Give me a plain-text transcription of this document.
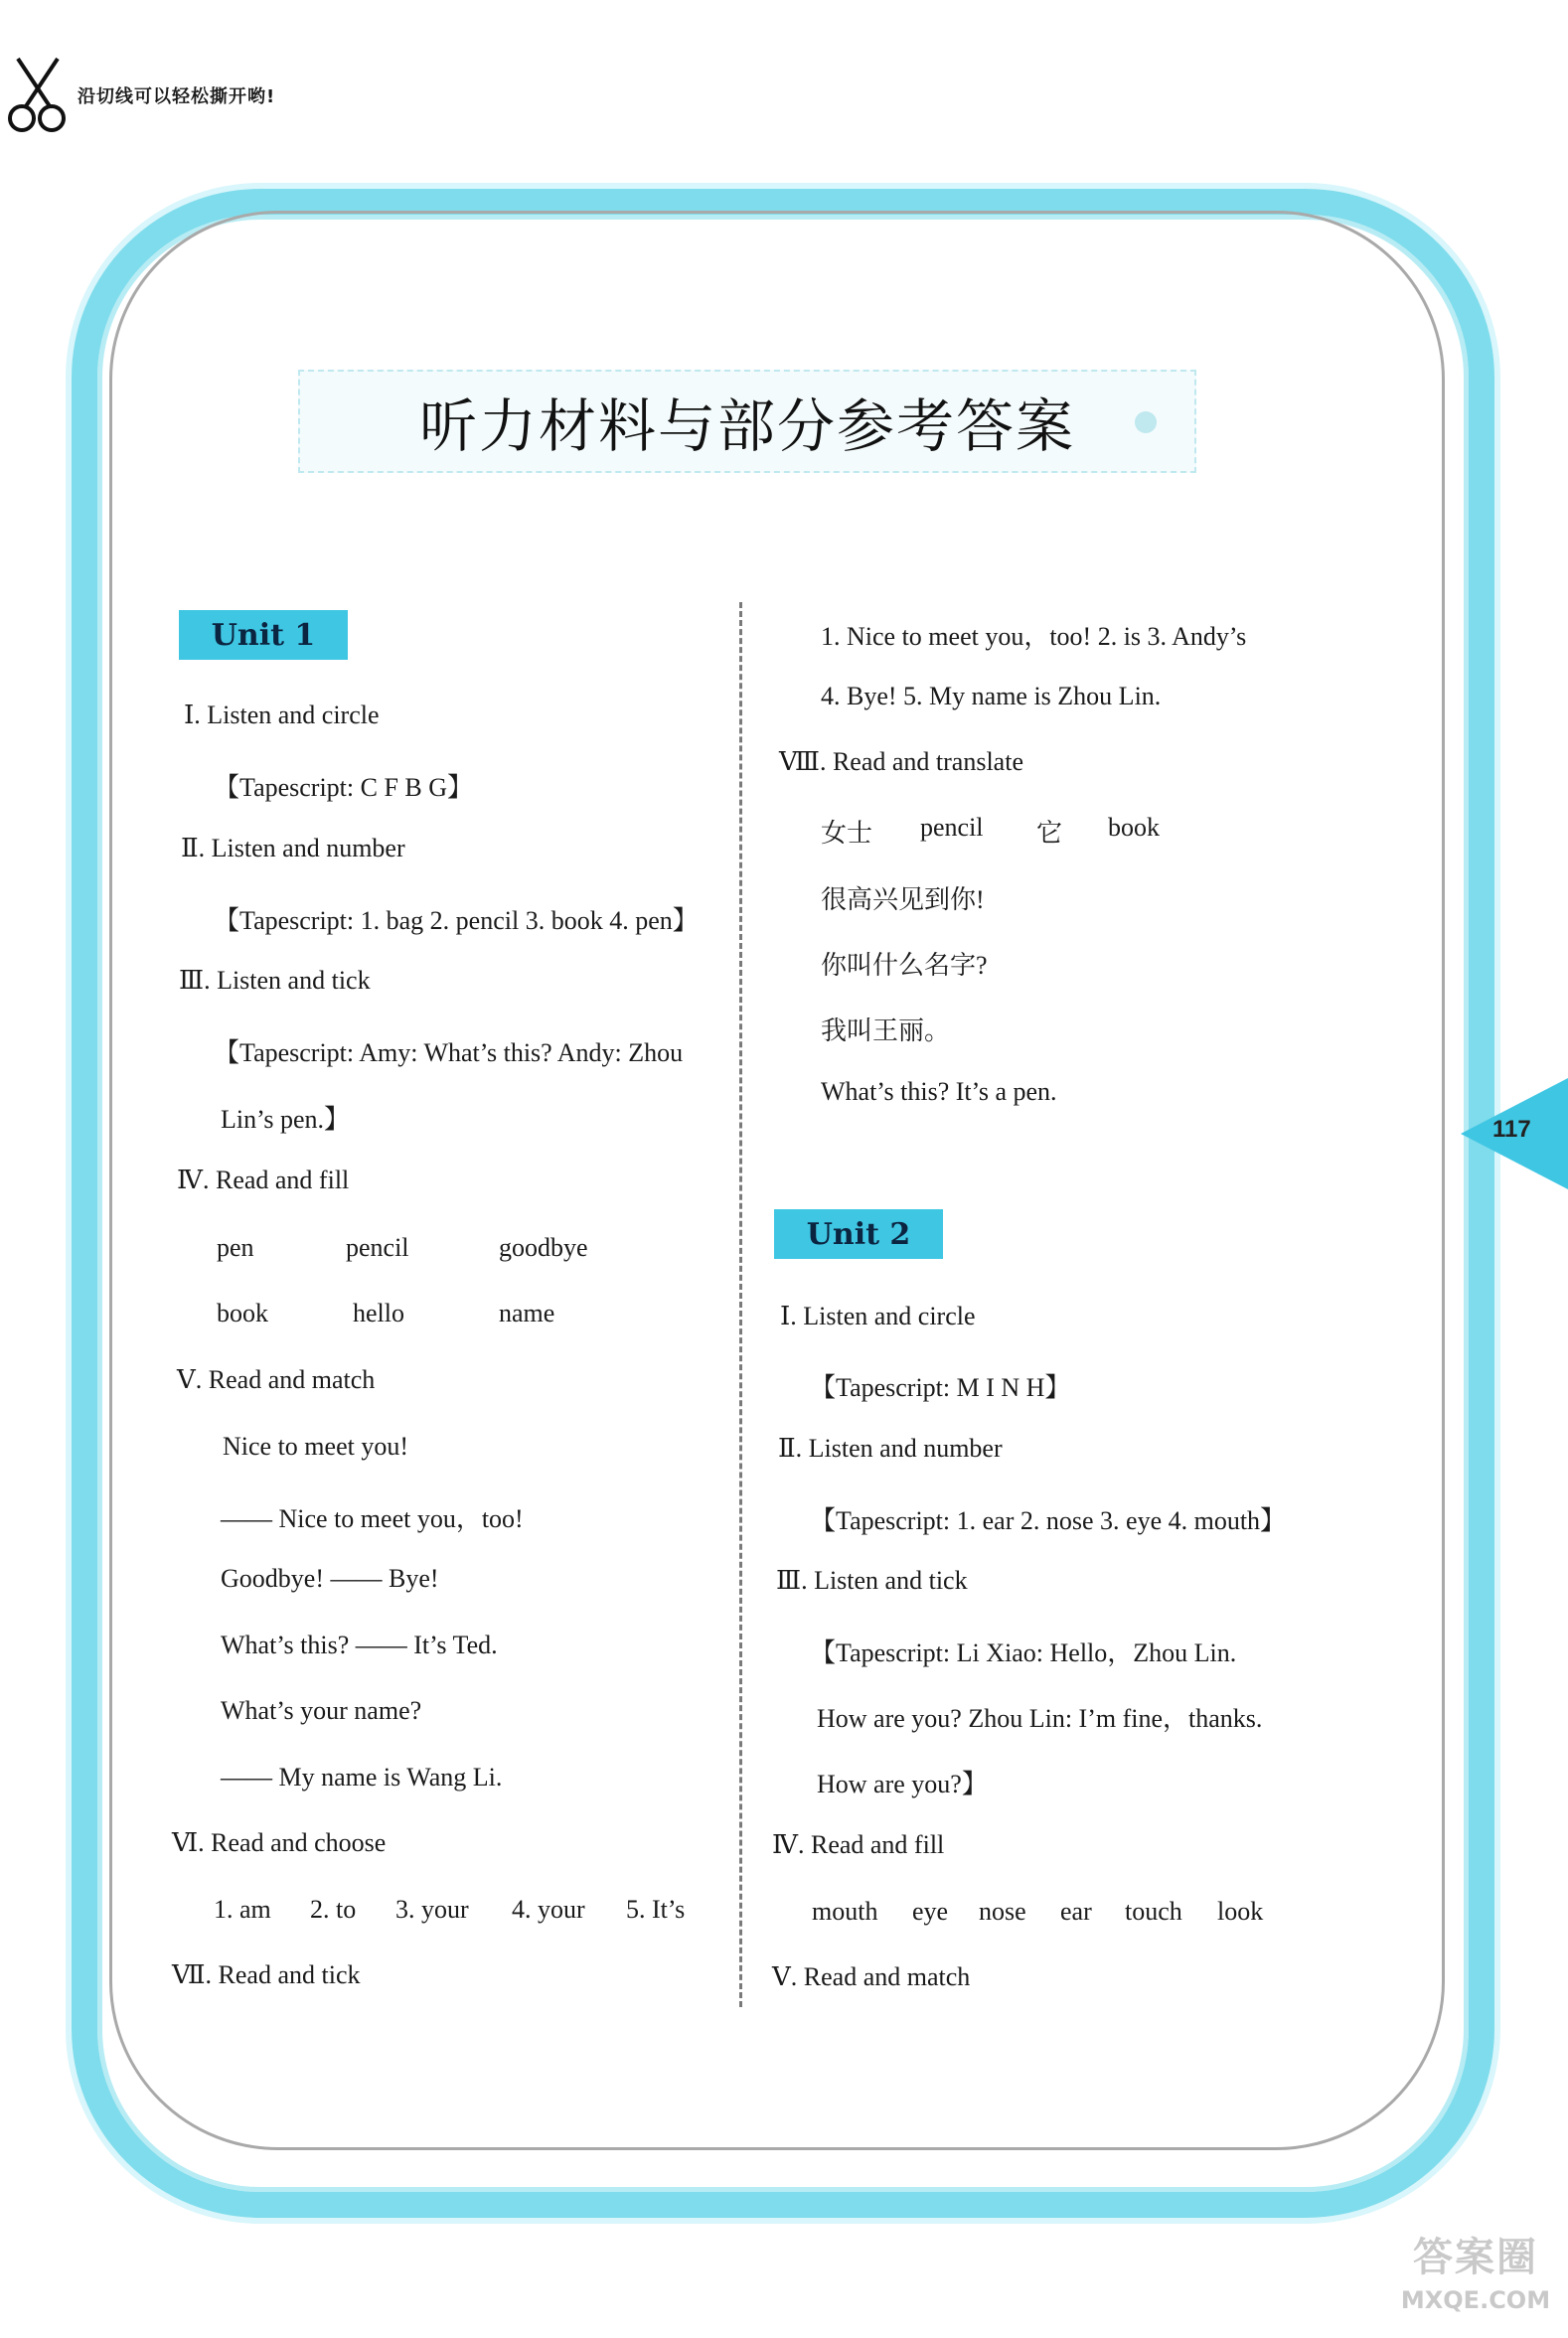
沿切线可以轻松撕开哟!
听力材料与部分参考答案
Unit 1
Ⅰ. Listen and circle
【Tapescript: C F B G】
Ⅱ. Listen and number
【Tapescript: 1. bag 2. pencil 3. book 4. pen】
Ⅲ. Listen and tick
【Tapescript: Amy: What’s this? Andy: Zhou
Lin’s pen.】
Ⅳ. Read and fill
pen	pencil	goodbye
book	hello	name
Ⅴ. Read and match
Nice to meet you!
—— Nice to meet you，too!
Goodbye! —— Bye!
What’s this? —— It’s Ted.
What’s your name?
—— My name is Wang Li.
Ⅵ. Read and choose
1. am 2. to 3. your 4. your 5. It’s
Ⅶ. Read and tick
1. Nice to meet you，too! 2. is 3. Andy’s
4. Bye! 5. My name is Zhou Lin.
Ⅷ. Read and translate
女士 pencil 它 book
很高兴见到你!
你叫什么名字?
我叫王丽。
What’s this? It’s a pen.
Unit 2
Ⅰ. Listen and circle
【Tapescript: M I N H】
Ⅱ. Listen and number
【Tapescript: 1. ear 2. nose 3. eye 4. mouth】
Ⅲ. Listen and tick
【Tapescript: Li Xiao: Hello，Zhou Lin.
How are you? Zhou Lin: I’m fine，thanks.
How are you?】
Ⅳ. Read and fill
mouth eye nose ear touch look
Ⅴ. Read and match
117
答案圈
MXQE.COM
